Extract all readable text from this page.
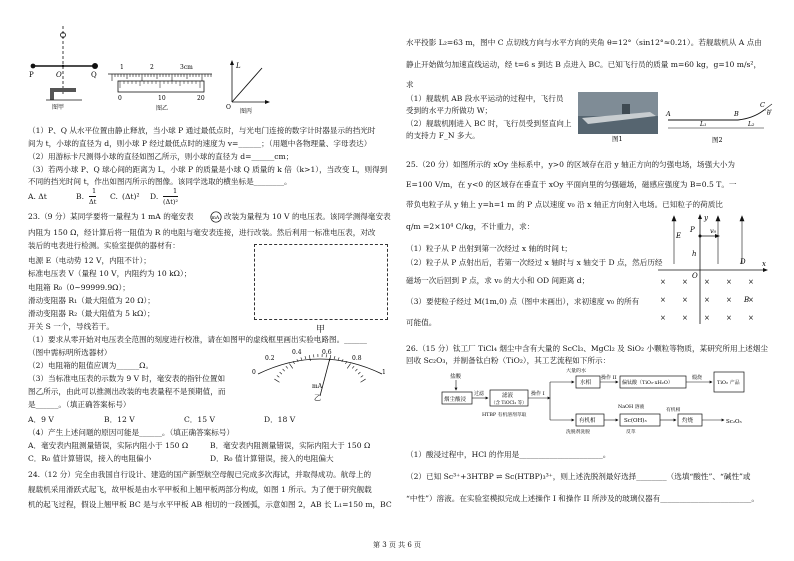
P	O	Q
图甲
1	2	3cm
0	10	20
图乙
L
O
图丙
（1）P、Q 从水平位置由静止释放，当小球 P 通过最低点时，与光电门连接的数字计时器显示的挡光时
间为 t，小球的直径为 d，则小球 P 经过最低点时的速度为 v=______；（用题中各物理量、字母表达）
（2）用游标卡尺测得小球的直径如图乙所示，则小球的直径为 d=______cm；
（3）若两小球 P、Q 球心间的距离为 L，小球 P 的质量是小球 Q 质量的 k 倍（k>1），当改变 L，则得到
不同的挡光时间 t，作出如图丙所示的图像。该同学选取的横坐标是________。
A. Δt	B.
1
Δt
C. (Δt)² D.
1
(Δt)²
23.（9 分）某同学要将一量程为 1 mA 的毫安表	mA 改装为量程为 10 V 的电压表。该同学测得毫安表
内阻为 150 Ω，经计算后将一阻值为 R 的电阻与毫安表连接，进行改装。然后利用一标准电压表，对改
装后的电表进行检测。实验室提供的器材有：
电源 E（电动势 12 V，内阻不计）；
标准电压表 V（量程 10 V，内阻约为 10 kΩ）；
电阻箱 R₀（0~99999.9Ω）；
滑动变阻器 R₁（最大阻值为 20 Ω）；
滑动变阻器 R₂（最大阻值为 5 kΩ）；
开关 S 一个，导线若干。
（1）要求从零开始对电压表全范围的刻度进行校准，请在如图甲的虚线框里画出实验电路图。______
（图中需标明所选器材）
（2）电阻箱的阻值应调为______Ω。
（3）当标准电压表的示数为 9 V 时，毫安表的指针位置如
图乙所示，由此可以推测出改装的电表量程不是预期值，而
是______。（填正确答案标号）
甲
0
0.2
0.4	0.6
0.8
1
mA
乙
A．9 V	B．12 V	C．15 V	D．18 V
（4）产生上述问题的原因可能是______。（填正确答案标号）
A．毫安表内阻测量错误，实际内阻小于 150 Ω	B．毫安表内阻测量错误，实际内阻大于 150 Ω
C．R₀ 值计算错误，接入的电阻偏小	D．R₀ 值计算错误，接入的电阻偏大
24.（12 分）完全由我国自行设计、建造的国产新型航空母舰已完成多次海试，并取得成功。航母上的
舰载机采用滑跃式起飞，故甲板是由水平甲板和上翘甲板两部分构成，如图 1 所示。为了便于研究舰载
机的起飞过程，假设上翘甲板 BC 是与水平甲板 AB 相切的一段圆弧，示意如图 2，AB 长 L₁=150 m，BC
水平投影 L₂=63 m，图中 C 点切线方向与水平方向的夹角 θ=12°（sin12°≈0.21）。若舰载机从 A 点由
静止开始做匀加速直线运动，经 t=6 s 到达 B 点进入 BC。已知飞行员的质量 m=60 kg，g=10 m/s²，
求
（1）舰载机 AB 段水平运动的过程中，飞行员
受到的水平力所做功 W；
（2）舰载机刚进入 BC 时，飞行员受到竖直向上
的支持力 F_N 多大。	图1
A	B
C
L₁	L₂
θ
图2
25.（20 分）如图所示的 xOy 坐标系中，y>0 的区域存在沿 y 轴正方向的匀强电场，场强大小为
E=100 V/m，在 y<0 的区域存在垂直于 xOy 平面向里的匀强磁场，磁感应强度为 B=0.5 T。一
带负电粒子从 y 轴上 y=h=1 m 的 P 点以速度 v₀ 沿 x 轴正方向射入电场。已知粒子的荷质比
q/m =2×10⁴ C/kg，不计重力，求：
（1）粒子从 P 出射到第一次经过 x 轴的时间 t；
（2）粒子从 P 点射出后，若第一次经过 x 轴时与 x 轴交于 D 点，然后历经
磁场一次后回到 P 点，求 v₀ 的大小和 OD 间距离 d；
（3）要使粒子经过 M(1m,0) 点（图中未画出），求初速度 v₀ 的所有
可能值。
× × × × ×
× × × × ×
× × × × ×
E
P v₀
h
O
D x
y
B
26.（15 分）钛工厂 TiCl₄ 烟尘中含有大量的 ScCl₃、MgCl₂ 及 SiO₂ 小颗粒等物质，某研究所用上述烟尘
回收 Sc₂O₃，并制备钛白粉（TiO₂），其工艺流程如下所示：
盐酸
烟尘酸浸
过滤	滤液
（含 TiOCl₂ 等）
HTBP 有机溶剂萃取
操作 I
大量的水
水相
操作 II
偏钛酸（TiO₂·xH₂O）
煅烧
TiO₂ 产品
有机相
NaOH 溶液
Sc(OH)₃	灼烧	Sc₂O₃
洗脱剂洗脱	反萃
有机相
（1）酸浸过程中，HCl 的作用是______________________。
（2）已知 Sc³⁺+3HTBP ⇌ Sc(HTBP)₃³⁺，则上述洗脱剂最好选择________（选填“酸性”、“碱性”或
“中性”）溶液。在实验室模拟完成上述操作 I 和操作 II 所涉及的玻璃仪器有________________________。
第 3 页 共 6 页
